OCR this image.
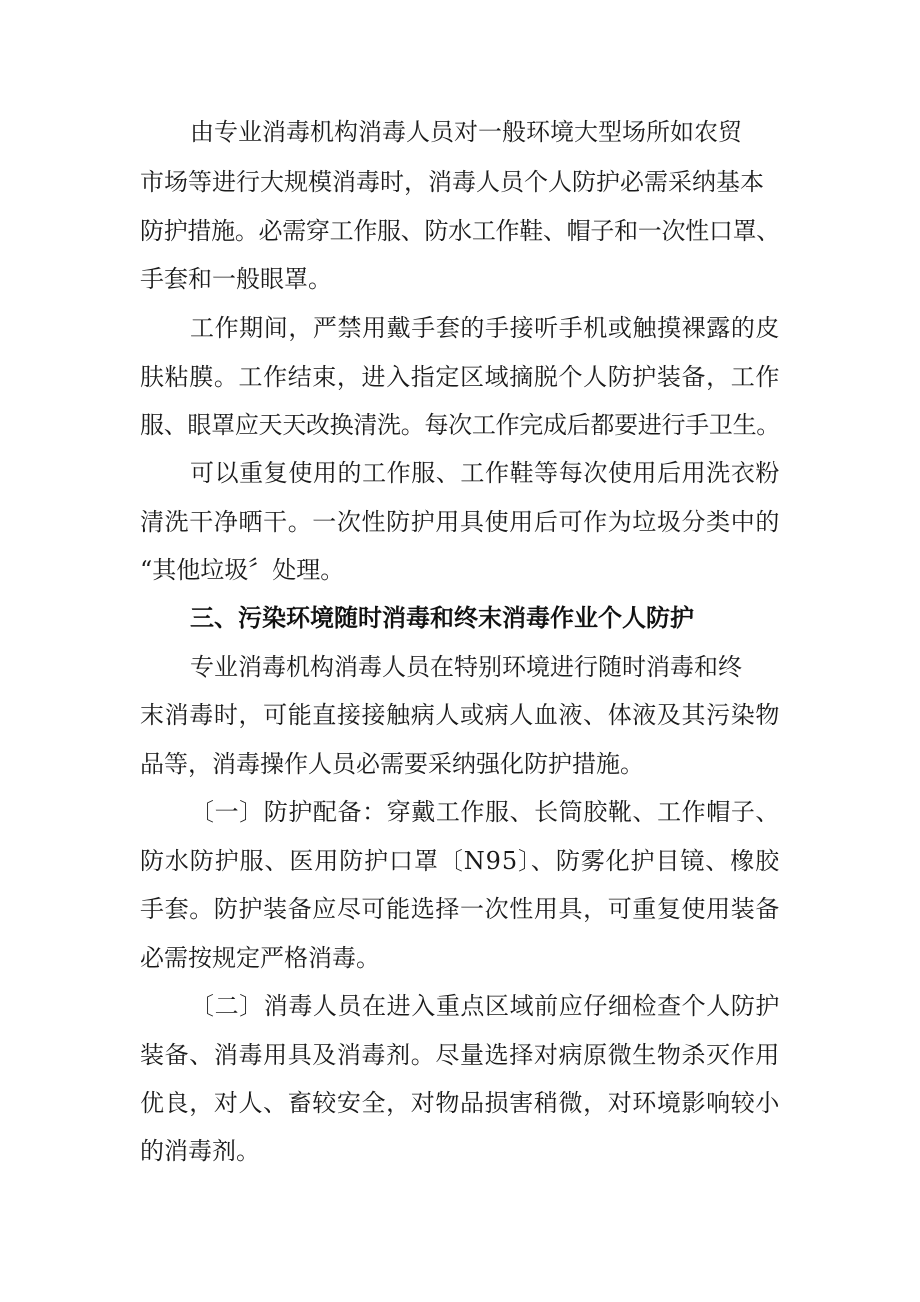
由专业消毒机构消毒人员对一般环境大型场所如农贸

市场等进行大规模消毒时，消毒人员个人防护必需采纳基本

防护措施。必需穿工作服、防水工作鞋、帽子和一次性口罩、

手套和一般眼罩。

工作期间，严禁用戴手套的手接听手机或触摸裸露的皮

肤粘膜。工作结束，进入指定区域摘脱个人防护装备，工作

服、眼罩应天天改换清洗。每次工作完成后都要进行手卫生。

可以重复使用的工作服、工作鞋等每次使用后用洗衣粉

清洗干净晒干。一次性防护用具使用后可作为垃圾分类中的

“其他垃圾〞处理。

三、污染环境随时消毒和终末消毒作业个人防护

专业消毒机构消毒人员在特别环境进行随时消毒和终

末消毒时，可能直接接触病人或病人血液、体液及其污染物

品等，消毒操作人员必需要采纳强化防护措施。

〔一〕防护配备：穿戴工作服、长筒胶靴、工作帽子、

防水防护服、医用防护口罩〔N95〕、防雾化护目镜、橡胶

手套。防护装备应尽可能选择一次性用具，可重复使用装备

必需按规定严格消毒。

〔二〕消毒人员在进入重点区域前应仔细检查个人防护

装备、消毒用具及消毒剂。尽量选择对病原微生物杀灭作用

优良，对人、畜较安全，对物品损害稍微，对环境影响较小

的消毒剂。
